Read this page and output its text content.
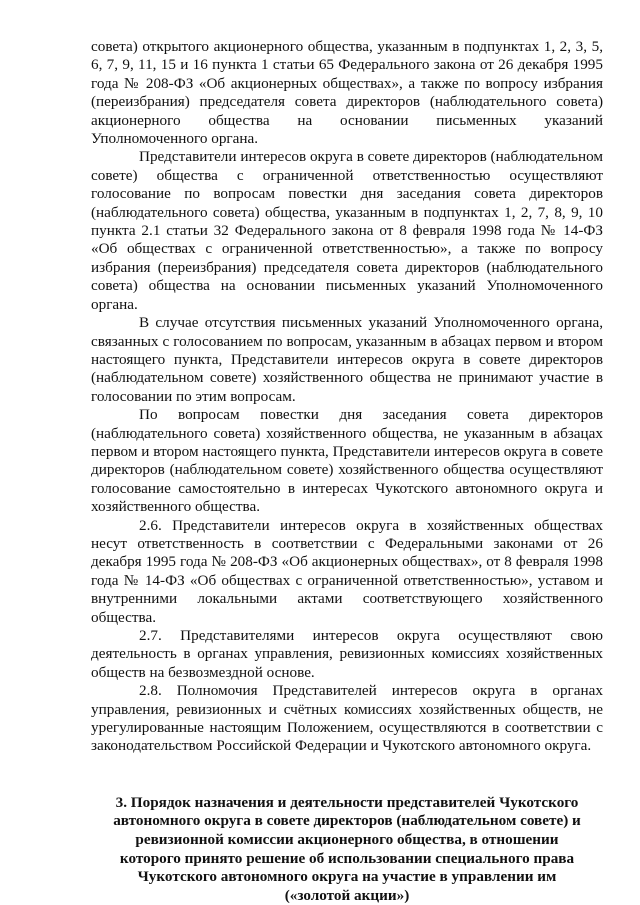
совета) открытого акционерного общества, указанным в подпунктах 1, 2, 3, 5, 6, 7, 9, 11, 15 и 16 пункта 1 статьи 65 Федерального закона от 26 декабря 1995 года № 208-ФЗ «Об акционерных обществах», а также по вопросу избрания (переизбрания) председателя совета директоров (наблюдательного совета) акционерного общества на основании письменных указаний Уполномоченного органа.

Представители интересов округа в совете директоров (наблюдательном совете) общества с ограниченной ответственностью осуществляют голосование по вопросам повестки дня заседания совета директоров (наблюдательного совета) общества, указанным в подпунктах 1, 2, 7, 8, 9, 10 пункта 2.1 статьи 32 Федерального закона от 8 февраля 1998 года № 14-ФЗ «Об обществах с ограниченной ответственностью», а также по вопросу избрания (переизбрания) председателя совета директоров (наблюдательного совета) общества на основании письменных указаний Уполномоченного органа.

В случае отсутствия письменных указаний Уполномоченного органа, связанных с голосованием по вопросам, указанным в абзацах первом и втором настоящего пункта, Представители интересов округа в совете директоров (наблюдательном совете) хозяйственного общества не принимают участие в голосовании по этим вопросам.

По вопросам повестки дня заседания совета директоров (наблюдательного совета) хозяйственного общества, не указанным в абзацах первом и втором настоящего пункта, Представители интересов округа в совете директоров (наблюдательном совете) хозяйственного общества осуществляют голосование самостоятельно в интересах Чукотского автономного округа и хозяйственного общества.

2.6. Представители интересов округа в хозяйственных обществах несут ответственность в соответствии с Федеральными законами от 26 декабря 1995 года № 208-ФЗ «Об акционерных обществах», от 8 февраля 1998 года № 14-ФЗ «Об обществах с ограниченной ответственностью», уставом и внутренними локальными актами соответствующего хозяйственного общества.

2.7. Представителями интересов округа осуществляют свою деятельность в органах управления, ревизионных комиссиях хозяйственных обществ на безвозмездной основе.

2.8. Полномочия Представителей интересов округа в органах управления, ревизионных и счётных комиссиях хозяйственных обществ, не урегулированные настоящим Положением, осуществляются в соответствии с законодательством Российской Федерации и Чукотского автономного округа.

3. Порядок назначения и деятельности представителей Чукотского автономного округа в совете директоров (наблюдательном совете) и ревизионной комиссии акционерного общества, в отношении которого принято решение об использовании специального права Чукотского автономного округа на участие в управлении им («золотой акции»)
